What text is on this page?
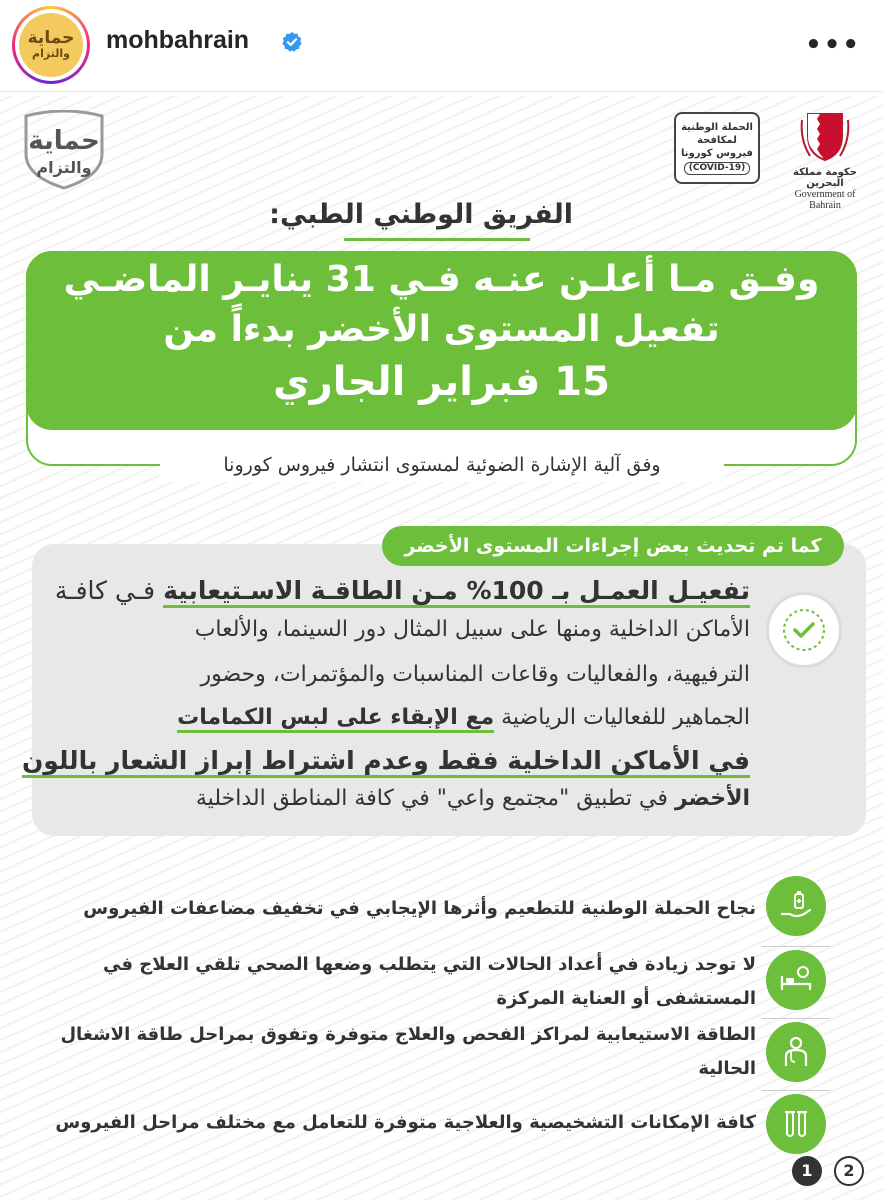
حماية
والتزام mohbahrain	•••
حماية
والتزام
الحملة الوطنية
لمكافحة
فيروس كورونا
(COVID-19)	حكومة مملكة البحرين
Government of Bahrain
الفريق الوطني الطبي:
وفـق مـا أعلـن عنـه فـي 31 ينايـر الماضـي
تفعيل المستوى الأخضر بدءاً من
15 فبراير الجاري
وفق آلية الإشارة الضوئية لمستوى انتشار فيروس كورونا
كما تم تحديث بعض إجراءات المستوى الأخضر
تفعيـل العمـل بـ 100% مـن الطاقـة الاسـتيعابية فـي كافـة
الأماكن الداخلية ومنها على سبيل المثال دور السينما، والألعاب
الترفيهية، والفعاليات وقاعات المناسبات والمؤتمرات، وحضور
الجماهير للفعاليات الرياضية مع الإبقاء على لبس الكمامات
في الأماكن الداخلية فقط وعدم اشتراط إبراز الشعار باللون
الأخضر في تطبيق "مجتمع واعي" في كافة المناطق الداخلية
نجاح الحملة الوطنية للتطعيم وأثرها الإيجابي في تخفيف مضاعفات الفيروس
لا توجد زيادة في أعداد الحالات التي يتطلب وضعها الصحي تلقي العلاج في المستشفى أو العناية المركزة
الطاقة الاستيعابية لمراكز الفحص والعلاج متوفرة وتفوق بمراحل طاقة الاشغال الحالية
كافة الإمكانات التشخيصية والعلاجية متوفرة للتعامل مع مختلف مراحل الفيروس
1	2
